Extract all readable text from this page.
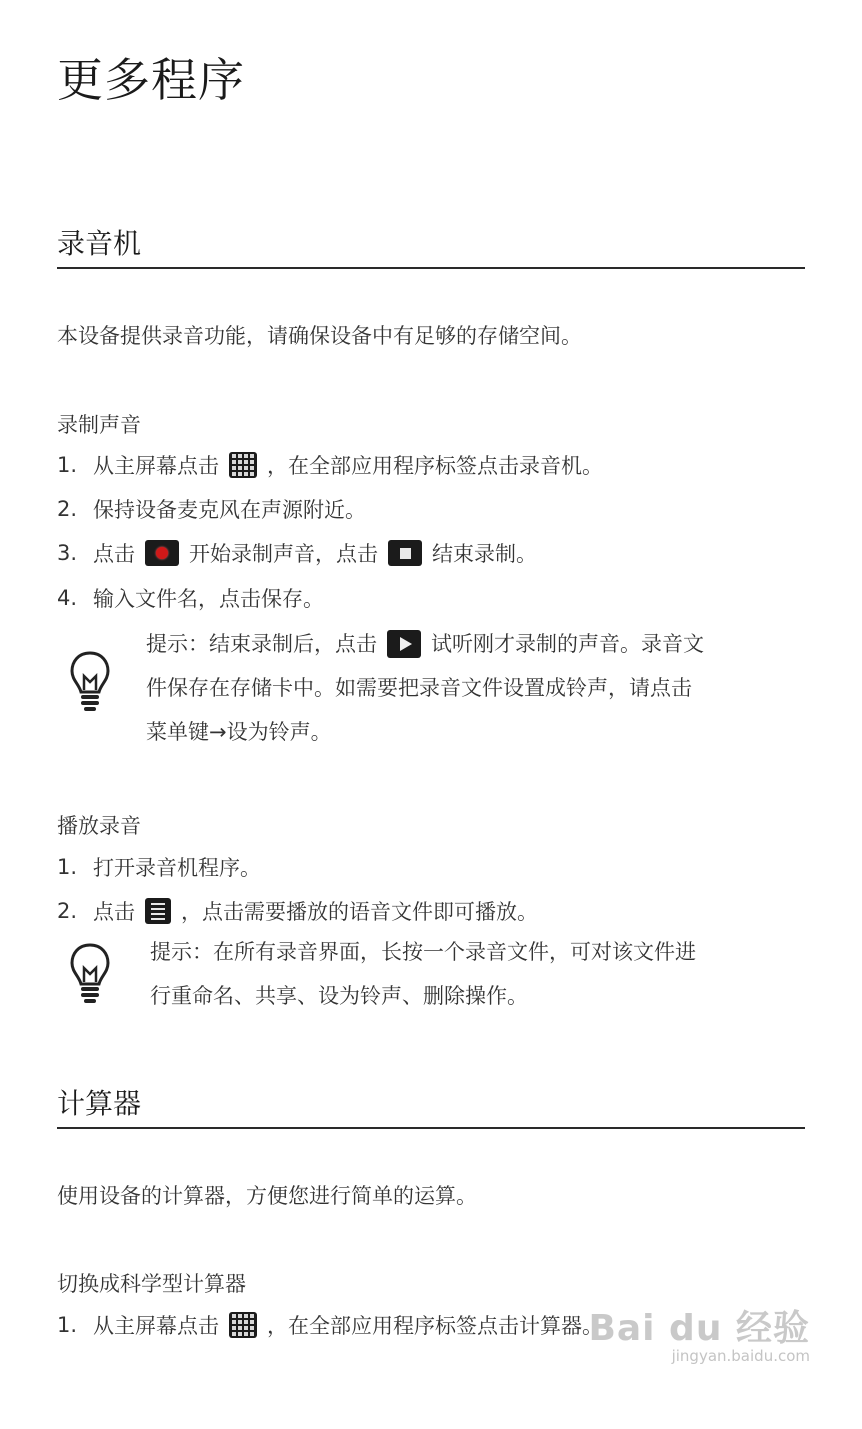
更多程序
录音机
本设备提供录音功能，请确保设备中有足够的存储空间。
录制声音
1. 从主屏幕点击 ，在全部应用程序标签点击录音机。
2. 保持设备麦克风在声源附近。
3. 点击	开始录制声音，点击	结束录制。
4. 输入文件名，点击保存。
提示：结束录制后，点击	试听刚才录制的声音。录音文
件保存在存储卡中。如需要把录音文件设置成铃声，请点击
菜单键→设为铃声。
播放录音
1. 打开录音机程序。
2. 点击 ，点击需要播放的语音文件即可播放。
提示：在所有录音界面，长按一个录音文件，可对该文件进
行重命名、共享、设为铃声、删除操作。
计算器
使用设备的计算器，方便您进行简单的运算。
切换成科学型计算器
1. 从主屏幕点击 ，在全部应用程序标签点击计算器。
Bai du 经验
jingyan.baidu.com
